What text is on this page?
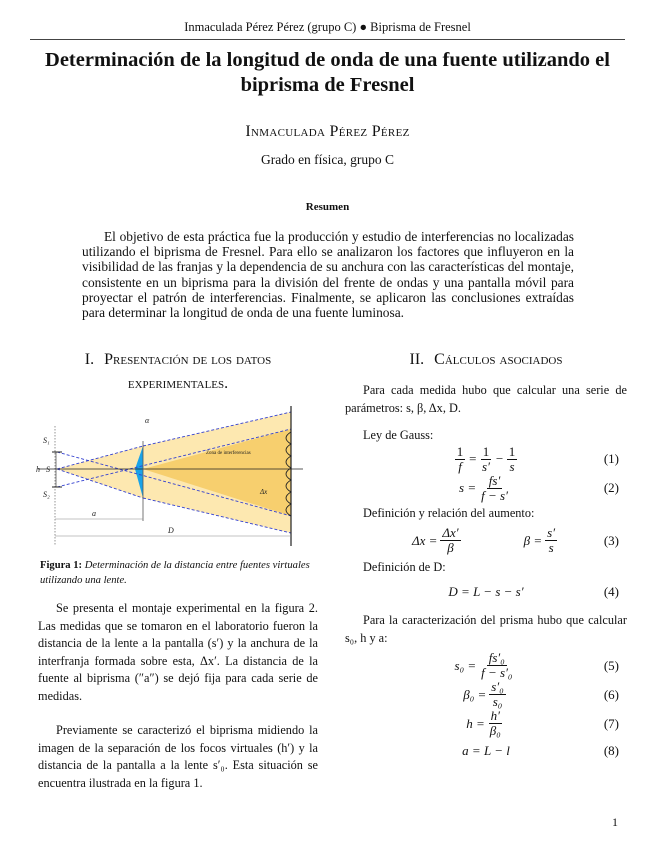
Inmaculada Pérez Pérez (grupo C) ● Biprisma de Fresnel
Determinación de la longitud de onda de una fuente utilizando el biprisma de Fresnel
Inmaculada Pérez Pérez
Grado en física, grupo C
Resumen
El objetivo de esta práctica fue la producción y estudio de interferencias no localizadas utilizando el biprisma de Fresnel. Para ello se analizaron los factores que influyeron en la visibilidad de las franjas y la dependencia de su anchura con las características del montaje, consistente en un biprisma para la división del frente de ondas y una pantalla móvil para proyectar el patrón de interferencias. Finalmente, se aplicaron las conclusiones extraídas para determinar la longitud de onda de una fuente luminosa.
I. Presentación de los datos experimentales.
S₁
S
S₂
h
a
D
α
Δx
Zona de interferencias
Figura 1: Determinación de la distancia entre fuentes virtuales utilizando una lente.

Se presenta el montaje experimental en la figura 2. Las medidas que se tomaron en el laboratorio fueron la distancia de la lente a la pantalla (s′) y la anchura de la interfranja formada sobre esta, Δx′. La distancia de la fuente al biprisma (″a″) se dejó fija para cada serie de medidas.

Previamente se caracterizó el biprisma midiendo la imagen de la separación de los focos virtuales (h′) y la distancia de la pantalla a la lente s′₀. Esta situación se encuentra ilustrada en la figura 1.

II. Cálculos asociados

Para cada medida hubo que calcular una serie de parámetros: s, β, Δx, D.

Ley de Gauss:

1
f =
1
s′ −
1
s	(1)
s =
fs′
f − s′	(2)

Definición y relación del aumento:

$\Delta x = \frac{\Delta x'}{\beta}$	$\beta = \frac{s'}{s}$	(3)

Definición de D:

D = L − s − s′	(4)

Para la caracterización del prisma hubo que calcular s₀, h y a:

s₀ =
fs′₀
f − s′₀	(5)
β₀ =
s′₀
s₀	(6)
h =
h′
β₀	(7)
a = L − l	(8)
1
